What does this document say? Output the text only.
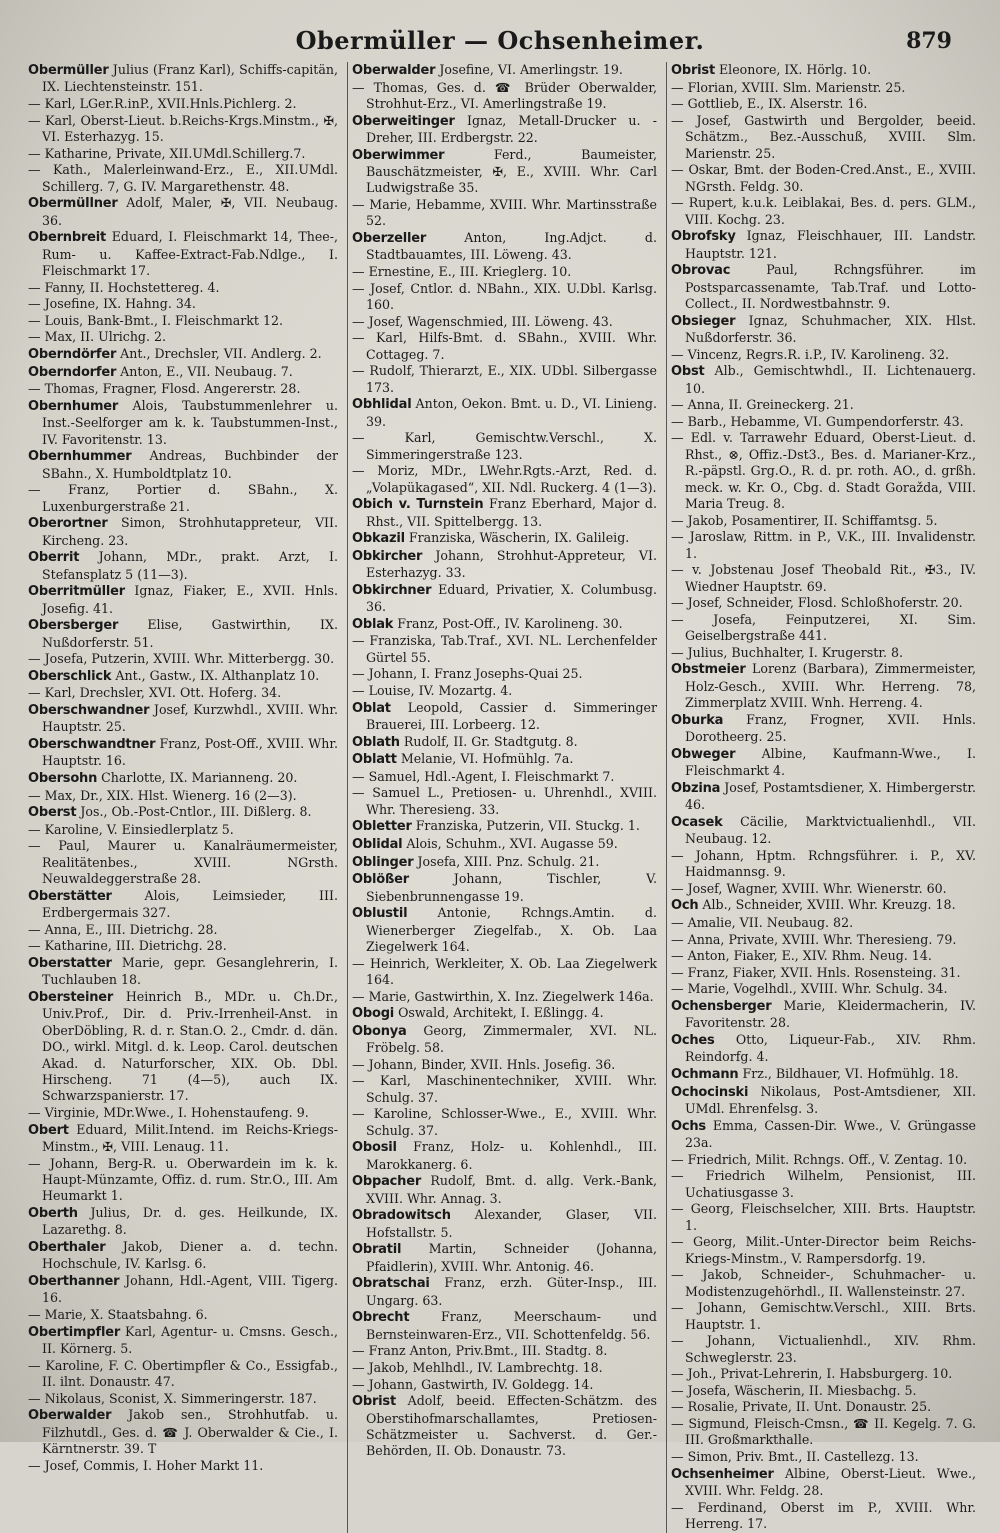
Obermüller — Ochsenheimer.	879
Obermüller Julius (Franz Karl), Schiffs-capitän, IX. Liechtensteinstr. 151.
— Karl, LGer.R.inP., XVII.Hnls.Pichlerg. 2.
— Karl, Oberst-Lieut. b.Reichs-Krgs.Minstm., ✠, VI. Esterhazyg. 15.
— Katharine, Private, XII.UMdl.Schillerg.7.
— Kath., Malerleinwand-Erz., E., XII.UMdl. Schillerg. 7, G. IV. Margarethenstr. 48.
Obermüllner Adolf, Maler, ✠, VII. Neubaug. 36.
Obernbreit Eduard, I. Fleischmarkt 14, Thee-, Rum- u. Kaffee-Extract-Fab.Ndlge., I. Fleischmarkt 17.
— Fanny, II. Hochstettereg. 4.
— Josefine, IX. Hahng. 34.
— Louis, Bank-Bmt., I. Fleischmarkt 12.
— Max, II. Ulrichg. 2.
Oberndörfer Ant., Drechsler, VII. Andlerg. 2.
Oberndorfer Anton, E., VII. Neubaug. 7.
— Thomas, Fragner, Flosd. Angererstr. 28.
Obernhumer Alois, Taubstummenlehrer u. Inst.-Seelforger am k. k. Taubstummen-Inst., IV. Favoritenstr. 13.
Obernhummer Andreas, Buchbinder der SBahn., X. Humboldtplatz 10.
— Franz, Portier d. SBahn., X. Luxenburgerstraße 21.
Oberortner Simon, Strohhutappreteur, VII. Kircheng. 23.
Oberrit Johann, MDr., prakt. Arzt, I. Stefansplatz 5 (11—3).
Oberritmüller Ignaz, Fiaker, E., XVII. Hnls. Josefig. 41.
Obersberger Elise, Gastwirthin, IX. Nußdorferstr. 51.
— Josefa, Putzerin, XVIII. Whr. Mitterbergg. 30.
Oberschlick Ant., Gastw., IX. Althanplatz 10.
— Karl, Drechsler, XVI. Ott. Hoferg. 34.
Oberschwandner Josef, Kurzwhdl., XVIII. Whr. Hauptstr. 25.
Oberschwandtner Franz, Post-Off., XVIII. Whr. Hauptstr. 16.
Obersohn Charlotte, IX. Marianneng. 20.
— Max, Dr., XIX. Hlst. Wienerg. 16 (2—3).
Oberst Jos., Ob.-Post-Cntlor., III. Dißlerg. 8.
— Karoline, V. Einsiedlerplatz 5.
— Paul, Maurer u. Kanalräumermeister, Realitätenbes., XVIII. NGrsth. Neuwaldeggerstraße 28.
Oberstätter Alois, Leimsieder, III. Erdbergermais 327.
— Anna, E., III. Dietrichg. 28.
— Katharine, III. Dietrichg. 28.
Oberstatter Marie, gepr. Gesanglehrerin, I. Tuchlauben 18.
Obersteiner Heinrich B., MDr. u. Ch.Dr., Univ.Prof., Dir. d. Priv.-Irrenheil-Anst. in OberDöbling, R. d. r. Stan.O. 2., Cmdr. d. dän. DO., wirkl. Mitgl. d. k. Leop. Carol. deutschen Akad. d. Naturforscher, XIX. Ob. Dbl. Hirscheng. 71 (4—5), auch IX. Schwarzspanierstr. 17.
— Virginie, MDr.Wwe., I. Hohenstaufeng. 9.
Obert Eduard, Milit.Intend. im Reichs-Kriegs-Minstm., ✠, VIII. Lenaug. 11.
— Johann, Berg-R. u. Oberwardein im k. k. Haupt-Münzamte, Offiz. d. rum. Str.O., III. Am Heumarkt 1.
Oberth Julius, Dr. d. ges. Heilkunde, IX. Lazarethg. 8.
Oberthaler Jakob, Diener a. d. techn. Hochschule, IV. Karlsg. 6.
Oberthanner Johann, Hdl.-Agent, VIII. Tigerg. 16.
— Marie, X. Staatsbahng. 6.
Obertimpfler Karl, Agentur- u. Cmsns. Gesch., II. Körnerg. 5.
— Karoline, F. C. Obertimpfler & Co., Essigfab., II. ilnt. Donaustr. 47.
— Nikolaus, Sconist, X. Simmeringerstr. 187.
Oberwalder Jakob sen., Strohhutfab. u. Filzhutdl., Ges. d. ☎ J. Oberwalder & Cie., I. Kärntnerstr. 39. T
— Josef, Commis, I. Hoher Markt 11.
Oberwalder Josefine, VI. Amerlingstr. 19.
— Thomas, Ges. d. ☎ Brüder Oberwalder, Strohhut-Erz., VI. Amerlingstraße 19.
Oberweitinger Ignaz, Metall-Drucker u. -Dreher, III. Erdbergstr. 22.
Oberwimmer Ferd., Baumeister, Bauschätzmeister, ✠, E., XVIII. Whr. Carl Ludwigstraße 35.
— Marie, Hebamme, XVIII. Whr. Martinsstraße 52.
Oberzeller Anton, Ing.Adjct. d. Stadtbauamtes, III. Löweng. 43.
— Ernestine, E., III. Krieglerg. 10.
— Josef, Cntlor. d. NBahn., XIX. U.Dbl. Karlsg. 160.
— Josef, Wagenschmied, III. Löweng. 43.
— Karl, Hilfs-Bmt. d. SBahn., XVIII. Whr. Cottageg. 7.
— Rudolf, Thierarzt, E., XIX. UDbl. Silbergasse 173.
Obhlidal Anton, Oekon. Bmt. u. D., VI. Linieng. 39.
— Karl, Gemischtw.Verschl., X. Simmeringerstraße 123.
— Moriz, MDr., LWehr.Rgts.-Arzt, Red. d. „Volapükagased“, XII. Ndl. Ruckerg. 4 (1—3).
Obich v. Turnstein Franz Eberhard, Major d. Rhst., VII. Spittelbergg. 13.
Obkazil Franziska, Wäscherin, IX. Galileig.
Obkircher Johann, Strohhut-Appreteur, VI. Esterhazyg. 33.
Obkirchner Eduard, Privatier, X. Columbusg. 36.
Oblak Franz, Post-Off., IV. Karolineng. 30.
— Franziska, Tab.Traf., XVI. NL. Lerchenfelder Gürtel 55.
— Johann, I. Franz Josephs-Quai 25.
— Louise, IV. Mozartg. 4.
Oblat Leopold, Cassier d. Simmeringer Brauerei, III. Lorbeerg. 12.
Oblath Rudolf, II. Gr. Stadtgutg. 8.
Oblatt Melanie, VI. Hofmühlg. 7a.
— Samuel, Hdl.-Agent, I. Fleischmarkt 7.
— Samuel L., Pretiosen- u. Uhrenhdl., XVIII. Whr. Theresieng. 33.
Obletter Franziska, Putzerin, VII. Stuckg. 1.
Oblidal Alois, Schuhm., XVI. Augasse 59.
Oblinger Josefa, XIII. Pnz. Schulg. 21.
Oblößer Johann, Tischler, V. Siebenbrunnengasse 19.
Oblustil Antonie, Rchngs.Amtin. d. Wienerberger Ziegelfab., X. Ob. Laa Ziegelwerk 164.
— Heinrich, Werkleiter, X. Ob. Laa Ziegelwerk 164.
— Marie, Gastwirthin, X. Inz. Ziegelwerk 146a.
Obogi Oswald, Architekt, I. Eßlingg. 4.
Obonya Georg, Zimmermaler, XVI. NL. Fröbelg. 58.
— Johann, Binder, XVII. Hnls. Josefig. 36.
— Karl, Maschinentechniker, XVIII. Whr. Schulg. 37.
— Karoline, Schlosser-Wwe., E., XVIII. Whr. Schulg. 37.
Obosil Franz, Holz- u. Kohlenhdl., III. Marokkanerg. 6.
Obpacher Rudolf, Bmt. d. allg. Verk.-Bank, XVIII. Whr. Annag. 3.
Obradowitsch Alexander, Glaser, VII. Hofstallstr. 5.
Obratil Martin, Schneider (Johanna, Pfaidlerin), XVIII. Whr. Antonig. 46.
Obratschai Franz, erzh. Güter-Insp., III. Ungarg. 63.
Obrecht Franz, Meerschaum- und Bernsteinwaren-Erz., VII. Schottenfeldg. 56.
— Franz Anton, Priv.Bmt., III. Stadtg. 8.
— Jakob, Mehlhdl., IV. Lambrechtg. 18.
— Johann, Gastwirth, IV. Goldegg. 14.
Obrist Adolf, beeid. Effecten-Schätzm. des Oberstihofmarschallamtes, Pretiosen-Schätzmeister u. Sachverst. d. Ger.-Behörden, II. Ob. Donaustr. 73.
Obrist Eleonore, IX. Hörlg. 10.
— Florian, XVIII. Slm. Marienstr. 25.
— Gottlieb, E., IX. Alserstr. 16.
— Josef, Gastwirth und Bergolder, beeid. Schätzm., Bez.-Ausschuß, XVIII. Slm. Marienstr. 25.
— Oskar, Bmt. der Boden-Cred.Anst., E., XVIII. NGrsth. Feldg. 30.
— Rupert, k.u.k. Leiblakai, Bes. d. pers. GLM., VIII. Kochg. 23.
Obrofsky Ignaz, Fleischhauer, III. Landstr. Hauptstr. 121.
Obrovac Paul, Rchngsführer. im Postsparcassenamte, Tab.Traf. und Lotto-Collect., II. Nordwestbahnstr. 9.
Obsieger Ignaz, Schuhmacher, XIX. Hlst. Nußdorferstr. 36.
— Vincenz, Regrs.R. i.P., IV. Karolineng. 32.
Obst Alb., Gemischtwhdl., II. Lichtenauerg. 10.
— Anna, II. Greineckerg. 21.
— Barb., Hebamme, VI. Gumpendorferstr. 43.
— Edl. v. Tarrawehr Eduard, Oberst-Lieut. d. Rhst., ⊗, Offiz.-Dst3., Bes. d. Marianer-Krz., R.-päpstl. Grg.O., R. d. pr. roth. AO., d. grßh. meck. w. Kr. O., Cbg. d. Stadt Goražda, VIII. Maria Treug. 8.
— Jakob, Posamentirer, II. Schiffamtsg. 5.
— Jaroslaw, Rittm. in P., V.K., III. Invalidenstr. 1.
— v. Jobstenau Josef Theobald Rit., ✠3., IV. Wiedner Hauptstr. 69.
— Josef, Schneider, Flosd. Schloßhoferstr. 20.
— Josefa, Feinputzerei, XI. Sim. Geiselbergstraße 441.
— Julius, Buchhalter, I. Krugerstr. 8.
Obstmeier Lorenz (Barbara), Zimmermeister, Holz-Gesch., XVIII. Whr. Herreng. 78, Zimmerplatz XVIII. Wnh. Herreng. 4.
Oburka Franz, Frogner, XVII. Hnls. Dorotheerg. 25.
Obweger Albine, Kaufmann-Wwe., I. Fleischmarkt 4.
Obzina Josef, Postamtsdiener, X. Himbergerstr. 46.
Ocasek Cäcilie, Marktvictualienhdl., VII. Neubaug. 12.
— Johann, Hptm. Rchngsführer. i. P., XV. Haidmannsg. 9.
— Josef, Wagner, XVIII. Whr. Wienerstr. 60.
Och Alb., Schneider, XVIII. Whr. Kreuzg. 18.
— Amalie, VII. Neubaug. 82.
— Anna, Private, XVIII. Whr. Theresieng. 79.
— Anton, Fiaker, E., XIV. Rhm. Neug. 14.
— Franz, Fiaker, XVII. Hnls. Rosensteing. 31.
— Marie, Vogelhdl., XVIII. Whr. Schulg. 34.
Ochensberger Marie, Kleidermacherin, IV. Favoritenstr. 28.
Oches Otto, Liqueur-Fab., XIV. Rhm. Reindorfg. 4.
Ochmann Frz., Bildhauer, VI. Hofmühlg. 18.
Ochocinski Nikolaus, Post-Amtsdiener, XII. UMdl. Ehrenfelsg. 3.
Ochs Emma, Cassen-Dir. Wwe., V. Grüngasse 23a.
— Friedrich, Milit. Rchngs. Off., V. Zentag. 10.
— Friedrich Wilhelm, Pensionist, III. Uchatiusgasse 3.
— Georg, Fleischselcher, XIII. Brts. Hauptstr. 1.
— Georg, Milit.-Unter-Director beim Reichs-Kriegs-Minstm., V. Rampersdorfg. 19.
— Jakob, Schneider-, Schuhmacher- u. Modistenzugehörhdl., II. Wallensteinstr. 27.
— Johann, Gemischtw.Verschl., XIII. Brts. Hauptstr. 1.
— Johann, Victualienhdl., XIV. Rhm. Schweglerstr. 23.
— Joh., Privat-Lehrerin, I. Habsburgerg. 10.
— Josefa, Wäscherin, II. Miesbachg. 5.
— Rosalie, Private, II. Unt. Donaustr. 25.
— Sigmund, Fleisch-Cmsn., ☎ II. Kegelg. 7. G. III. Großmarkthalle.
— Simon, Priv. Bmt., II. Castellezg. 13.
Ochsenheimer Albine, Oberst-Lieut. Wwe., XVIII. Whr. Feldg. 28.
— Ferdinand, Oberst im P., XVIII. Whr. Herreng. 17.
